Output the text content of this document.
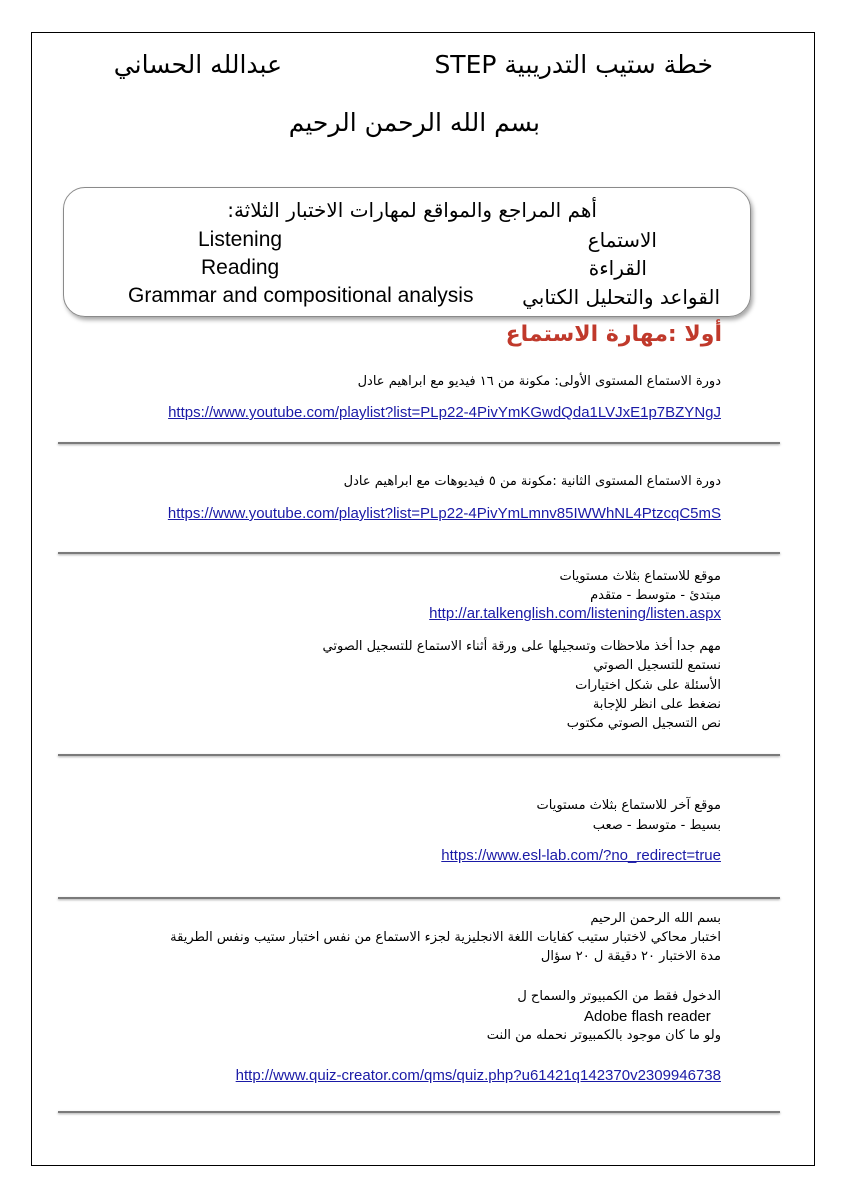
خطة ستيب التدريبية STEP
عبدالله الحساني
بسم الله الرحمن الرحيم
أهم المراجع والمواقع لمهارات الاختبار الثلاثة:
الاستماع
Listening
القراءة
Reading
القواعد والتحليل الكتابي
Grammar and compositional analysis
أولا :مهارة الاستماع
دورة الاستماع المستوى الأولى: مكونة من ١٦ فيديو مع ابراهيم عادل
https://www.youtube.com/playlist?list=PLp22-4PivYmKGwdQda1LVJxE1p7BZYNgJ
دورة الاستماع المستوى الثانية :مكونة من ٥ فيديوهات مع ابراهيم عادل
https://www.youtube.com/playlist?list=PLp22-4PivYmLmnv85IWWhNL4PtzcqC5mS
موقع للاستماع بثلاث مستويات
مبتدئ - متوسط - متقدم
http://ar.talkenglish.com/listening/listen.aspx
مهم جدا أخذ ملاحظات وتسجيلها على ورقة أثناء الاستماع للتسجيل الصوتي
نستمع للتسجيل الصوتي
الأسئلة على شكل اختيارات
نضغط على انظر للإجابة
نص التسجيل الصوتي مكتوب
موقع آخر للاستماع بثلاث مستويات
بسيط - متوسط - صعب
https://www.esl-lab.com/?no_redirect=true
بسم الله الرحمن الرحيم
اختبار محاكي لاختبار ستيب كفايات اللغة الانجليزية لجزء الاستماع من نفس اختبار ستيب ونفس الطريقة
مدة الاختبار ٢٠ دقيقة ل ٢٠ سؤال
الدخول فقط من الكمبيوتر والسماح ل
Adobe flash reader
ولو ما كان موجود بالكمبيوتر نحمله من النت
http://www.quiz-creator.com/qms/quiz.php?u61421q142370v2309946738
